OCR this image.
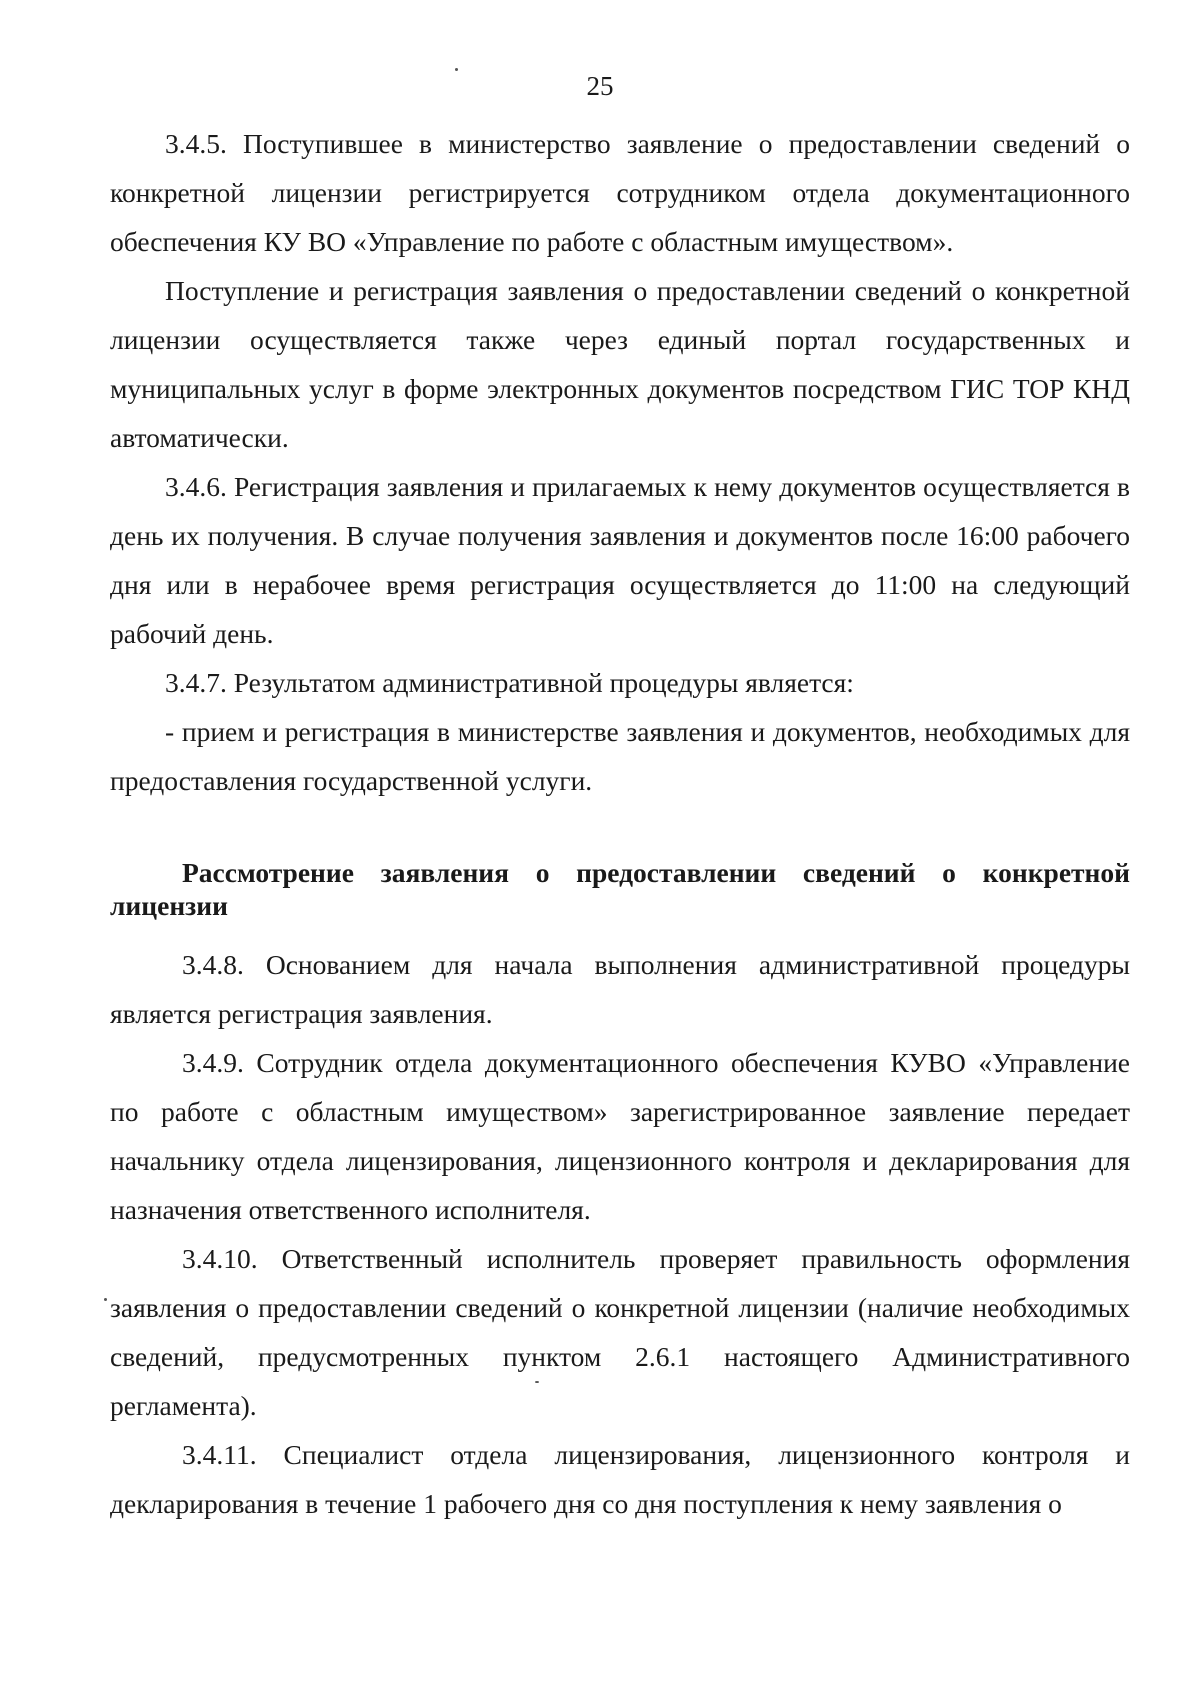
25

3.4.5. Поступившее в министерство заявление о предоставлении сведений о конкретной лицензии регистрируется сотрудником отдела документационного обеспечения КУ ВО «Управление по работе с областным имуществом».

Поступление и регистрация заявления о предоставлении сведений о конкретной лицензии осуществляется также через единый портал государственных и муниципальных услуг в форме электронных документов посредством ГИС ТОР КНД автоматически.

3.4.6. Регистрация заявления и прилагаемых к нему документов осуществляется в день их получения. В случае получения заявления и документов после 16:00 рабочего дня или в нерабочее время регистрация осуществляется до 11:00 на следующий рабочий день.

3.4.7. Результатом административной процедуры является:

- прием и регистрация в министерстве заявления и документов, необходимых для предоставления государственной услуги.

Рассмотрение заявления о предоставлении сведений о конкретной лицензии

3.4.8. Основанием для начала выполнения административной процедуры является регистрация заявления.

3.4.9. Сотрудник отдела документационного обеспечения КУВО «Управление по работе с областным имуществом» зарегистрированное заявление передает начальнику отдела лицензирования, лицензионного контроля и декларирования для назначения ответственного исполнителя.

3.4.10. Ответственный исполнитель проверяет правильность оформления заявления о предоставлении сведений о конкретной лицензии (наличие необходимых сведений, предусмотренных пунктом 2.6.1 настоящего Административного регламента).

3.4.11. Специалист отдела лицензирования, лицензионного контроля и декларирования в течение 1 рабочего дня со дня поступления к нему заявления о
